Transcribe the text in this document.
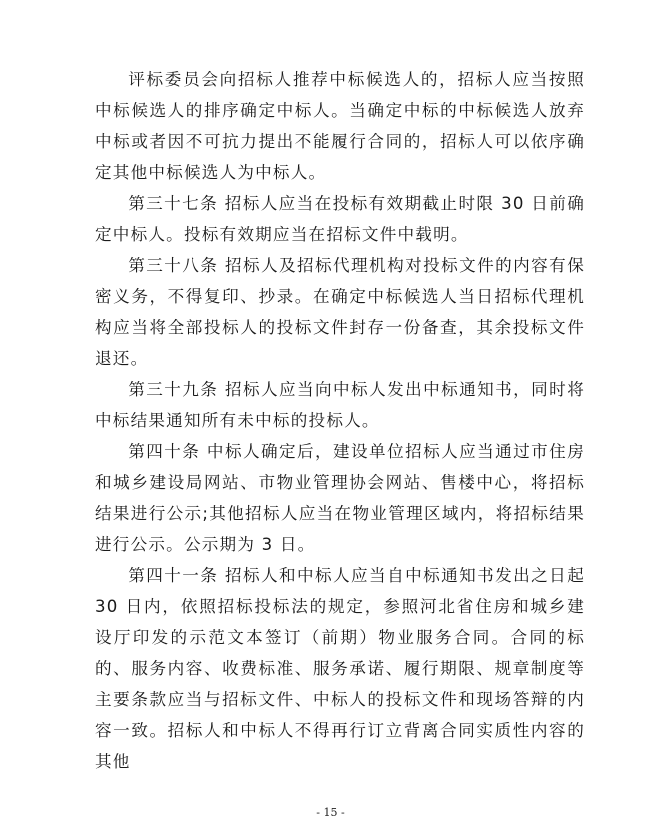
评标委员会向招标人推荐中标候选人的，招标人应当按照中标候选人的排序确定中标人。当确定中标的中标候选人放弃中标或者因不可抗力提出不能履行合同的，招标人可以依序确定其他中标候选人为中标人。

第三十七条 招标人应当在投标有效期截止时限 30 日前确定中标人。投标有效期应当在招标文件中载明。

第三十八条 招标人及招标代理机构对投标文件的内容有保密义务，不得复印、抄录。在确定中标候选人当日招标代理机构应当将全部投标人的投标文件封存一份备查，其余投标文件退还。

第三十九条 招标人应当向中标人发出中标通知书，同时将中标结果通知所有未中标的投标人。

第四十条 中标人确定后，建设单位招标人应当通过市住房和城乡建设局网站、市物业管理协会网站、售楼中心，将招标结果进行公示;其他招标人应当在物业管理区域内，将招标结果进行公示。公示期为 3 日。

第四十一条 招标人和中标人应当自中标通知书发出之日起 30 日内，依照招标投标法的规定，参照河北省住房和城乡建设厅印发的示范文本签订（前期）物业服务合同。合同的标的、服务内容、收费标准、服务承诺、履行期限、规章制度等主要条款应当与招标文件、中标人的投标文件和现场答辩的内容一致。招标人和中标人不得再行订立背离合同实质性内容的其他

- 15 -
